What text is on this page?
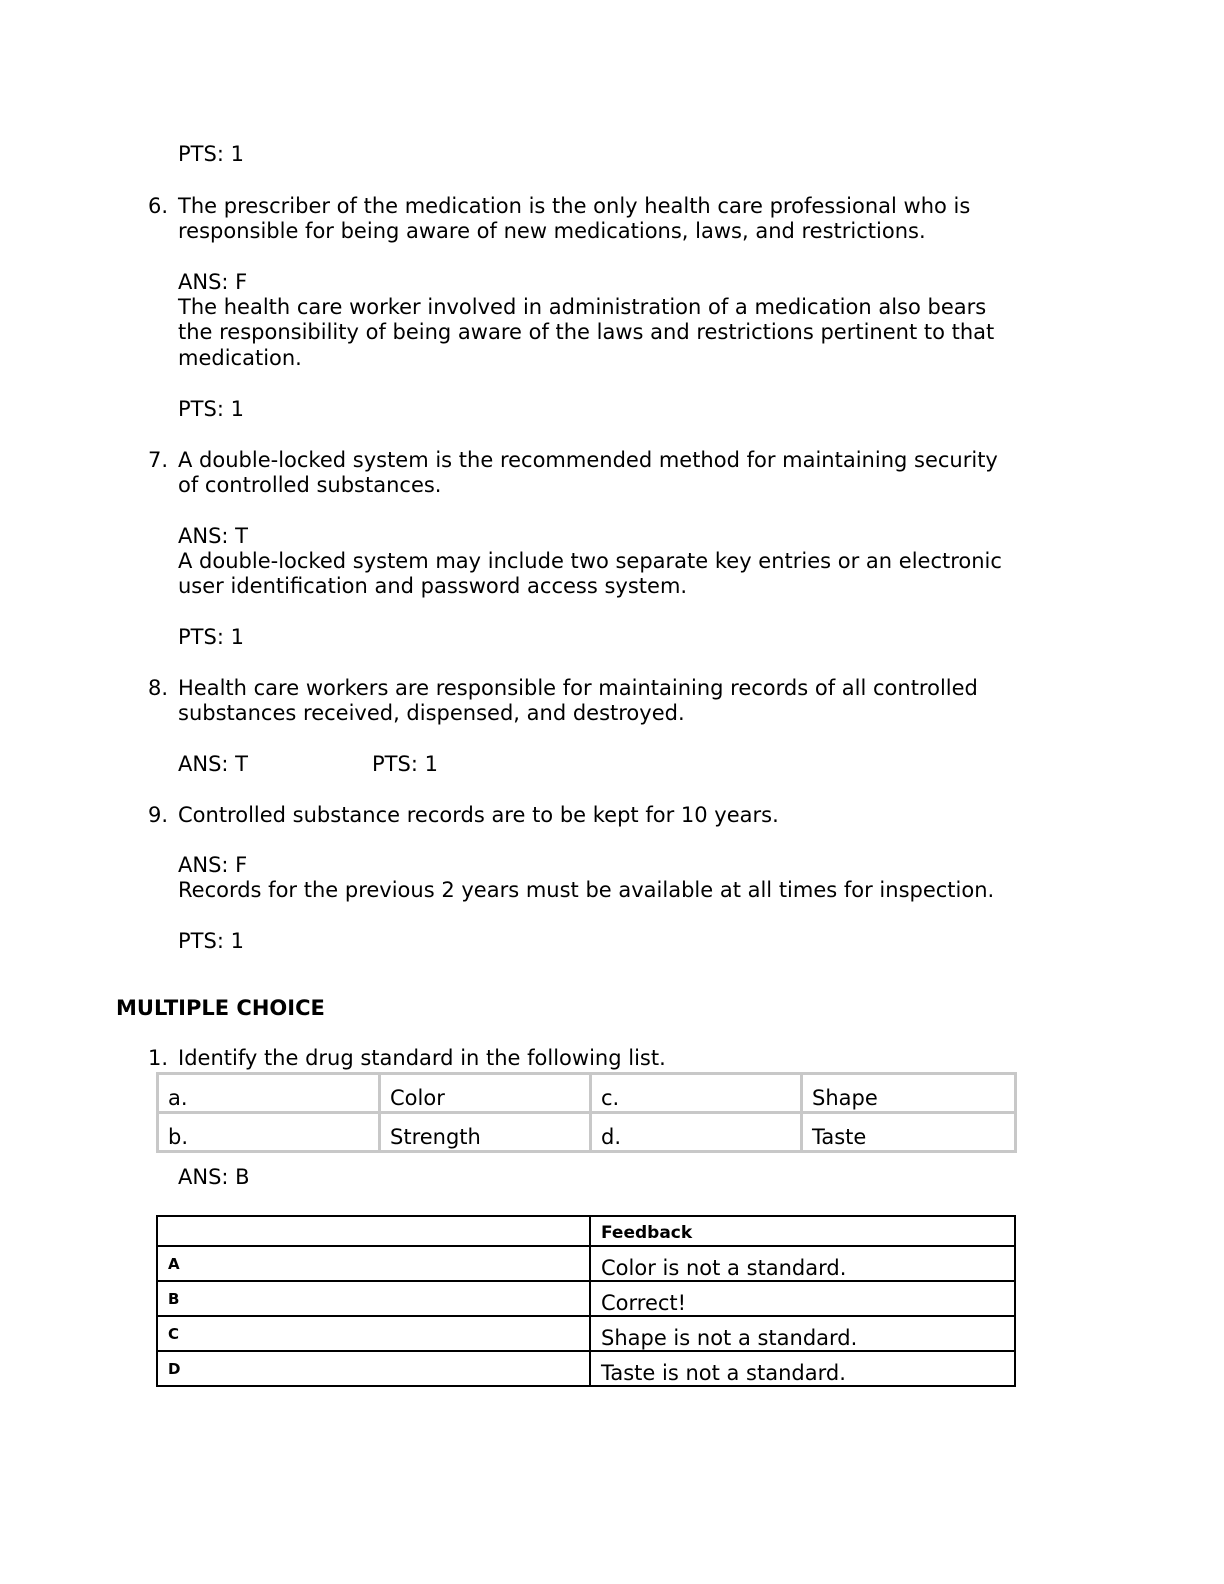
PTS: 1
6. The prescriber of the medication is the only health care professional who is
responsible for being aware of new medications, laws, and restrictions.
ANS: F
The health care worker involved in administration of a medication also bears
the responsibility of being aware of the laws and restrictions pertinent to that
medication.
PTS: 1
7. A double-locked system is the recommended method for maintaining security
of controlled substances.
ANS: T
A double-locked system may include two separate key entries or an electronic
user identification and password access system.
PTS: 1
8. Health care workers are responsible for maintaining records of all controlled
substances received, dispensed, and destroyed.
ANS: T	PTS: 1
9. Controlled substance records are to be kept for 10 years.
ANS: F
Records for the previous 2 years must be available at all times for inspection.
PTS: 1
MULTIPLE CHOICE
1. Identify the drug standard in the following list.
a.	Color	c.	Shape
b.	Strength	d.	Taste
ANS: B
	Feedback
A	Color is not a standard.
B	Correct!
C	Shape is not a standard.
D	Taste is not a standard.
